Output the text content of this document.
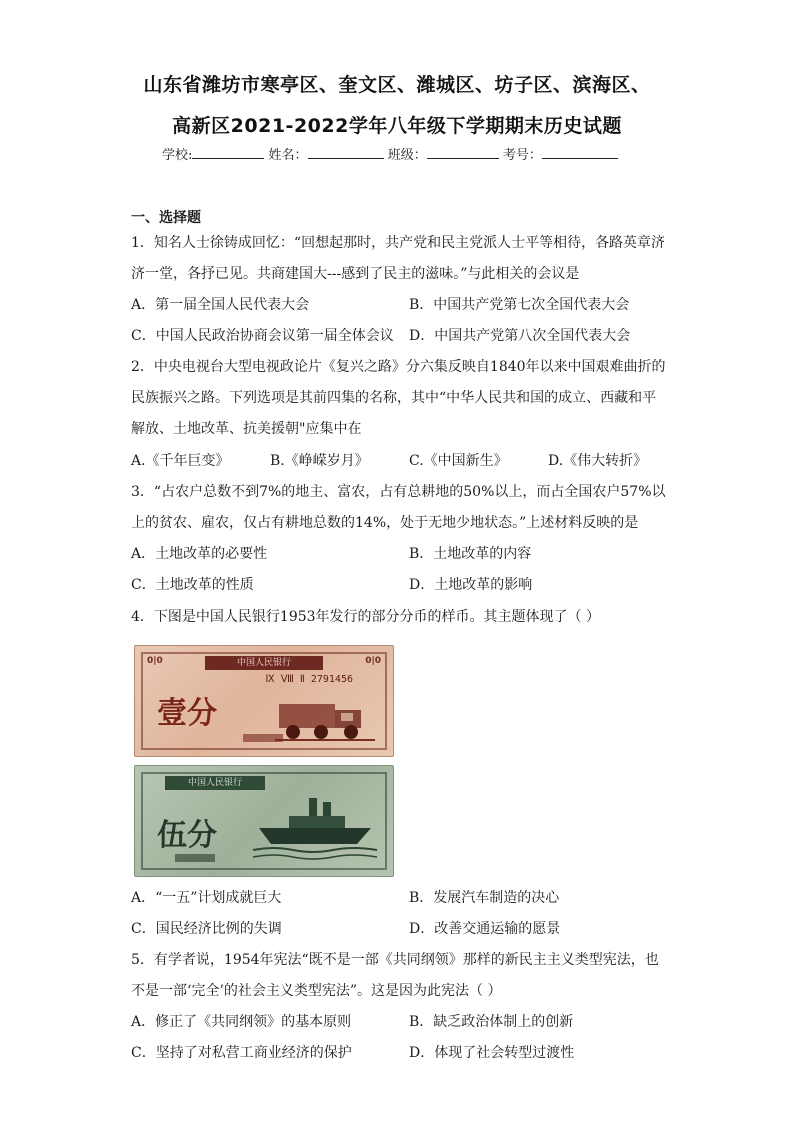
山东省潍坊市寒亭区、奎文区、潍城区、坊子区、滨海区、
高新区2021-2022学年八年级下学期期末历史试题
学校:	姓名：	班级：	考号：
一、选择题
1．知名人士徐铸成回忆：“回想起那时，共产党和民主党派人士平等相待，各路英章济
济一堂，各抒已见。共商建国大---感到了民主的滋味。”与此相关的会议是
A．第一届全国人民代表大会	B．中国共产党第七次全国代表大会
C．中国人民政治协商会议第一届全体会议 D．中国共产党第八次全国代表大会
2．中央电视台大型电视政论片《复兴之路》分六集反映自1840年以来中国艰难曲折的
民族振兴之路。下列选项是其前四集的名称，其中“中华人民共和国的成立、西藏和平
解放、土地改革、抗美援朝"应集中在
A.《千年巨变》	B.《峥嵘岁月》	C.《中国新生》	D.《伟大转折》
3．“占农户总数不到7%的地主、富农，占有总耕地的50%以上，而占全国农户57%以
上的贫农、雇农，仅占有耕地总数的14%，处于无地少地状态。”上述材料反映的是
A．土地改革的必要性	B．土地改革的内容
C．土地改革的性质	D．土地改革的影响
4．下图是中国人民银行1953年发行的部分分币的样币。其主题体现了（ ）
0|0	0|0
中国人民银行
Ⅸ Ⅷ Ⅱ 2791456
壹分
中国人民银行
伍分
A．“一五”计划成就巨大	B．发展汽车制造的决心
C．国民经济比例的失调	D．改善交通运输的愿景
5．有学者说，1954年宪法“既不是一部《共同纲领》那样的新民主主义类型宪法，也
不是一部‘完全’的社会主义类型宪法”。这是因为此宪法（ ）
A．修正了《共同纲领》的基本原则	B．缺乏政治体制上的创新
C．坚持了对私营工商业经济的保护	D．体现了社会转型过渡性
